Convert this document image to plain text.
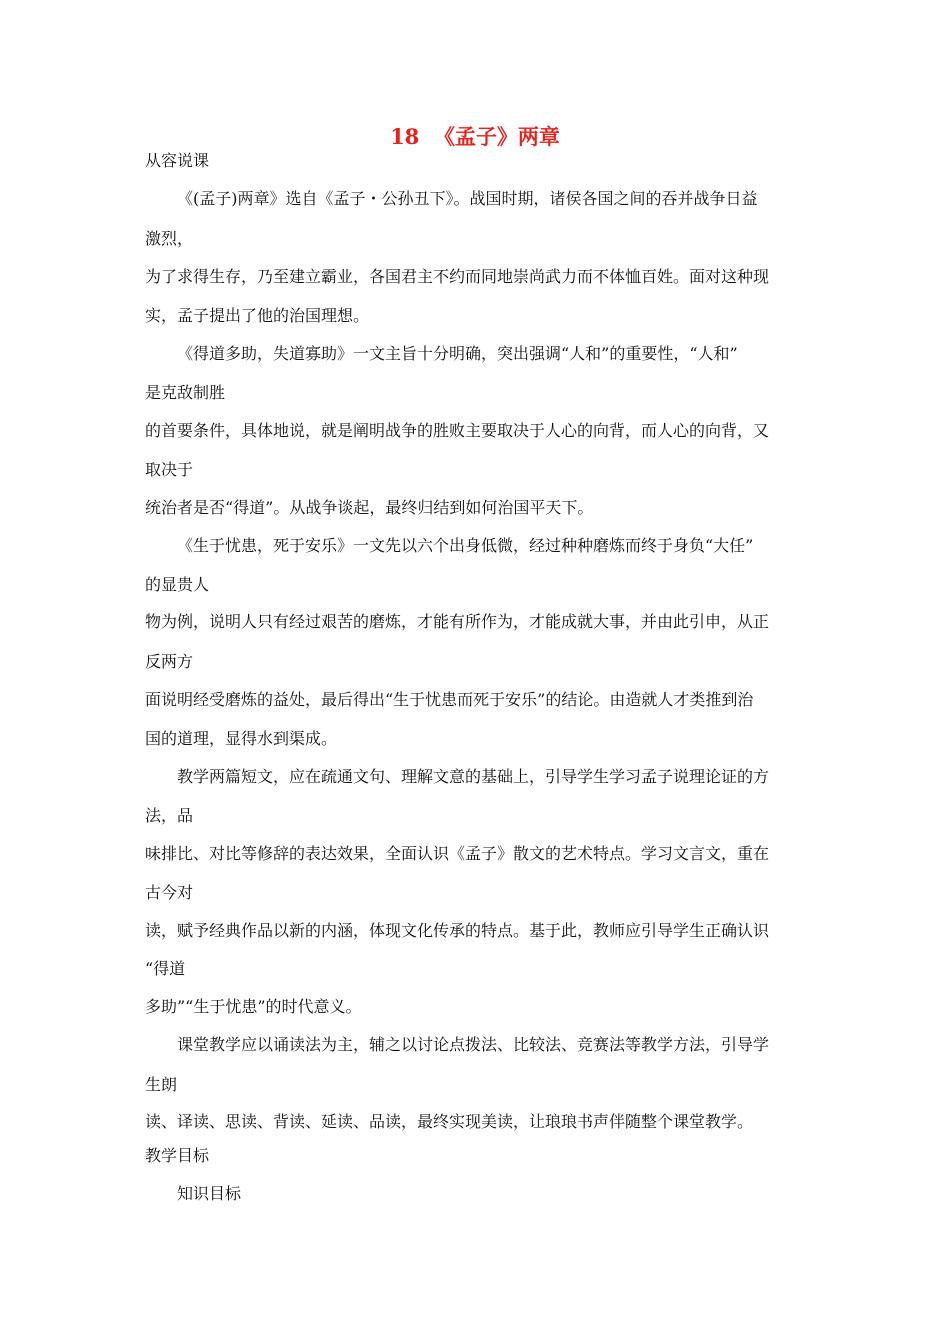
18  《孟子》两章
从容说课
《(孟子)两章》选自《孟子・公孙丑下》。战国时期，诸侯各国之间的吞并战争日益
激烈，
为了求得生存，乃至建立霸业，各国君主不约而同地崇尚武力而不体恤百姓。面对这种现
实，孟子提出了他的治国理想。
《得道多助，失道寡助》一文主旨十分明确，突出强调“人和”的重要性，“人和”
是克敌制胜
的首要条件，具体地说，就是阐明战争的胜败主要取决于人心的向背，而人心的向背，又
取决于
统治者是否“得道”。从战争谈起，最终归结到如何治国平天下。
《生于忧患，死于安乐》一文先以六个出身低微，经过种种磨炼而终于身负“大任”
的显贵人
物为例，说明人只有经过艰苦的磨炼，才能有所作为，才能成就大事，并由此引申，从正
反两方
面说明经受磨炼的益处，最后得出“生于忧患而死于安乐”的结论。由造就人才类推到治
国的道理，显得水到渠成。
教学两篇短文，应在疏通文句、理解文意的基础上，引导学生学习孟子说理论证的方
法，品
味排比、对比等修辞的表达效果，全面认识《孟子》散文的艺术特点。学习文言文，重在
古今对
读，赋予经典作品以新的内涵，体现文化传承的特点。基于此，教师应引导学生正确认识
“得道
多助”“生于忧患”的时代意义。
课堂教学应以诵读法为主，辅之以讨论点拨法、比较法、竞赛法等教学方法，引导学
生朗
读、译读、思读、背读、延读、品读，最终实现美读，让琅琅书声伴随整个课堂教学。
教学目标
知识目标
